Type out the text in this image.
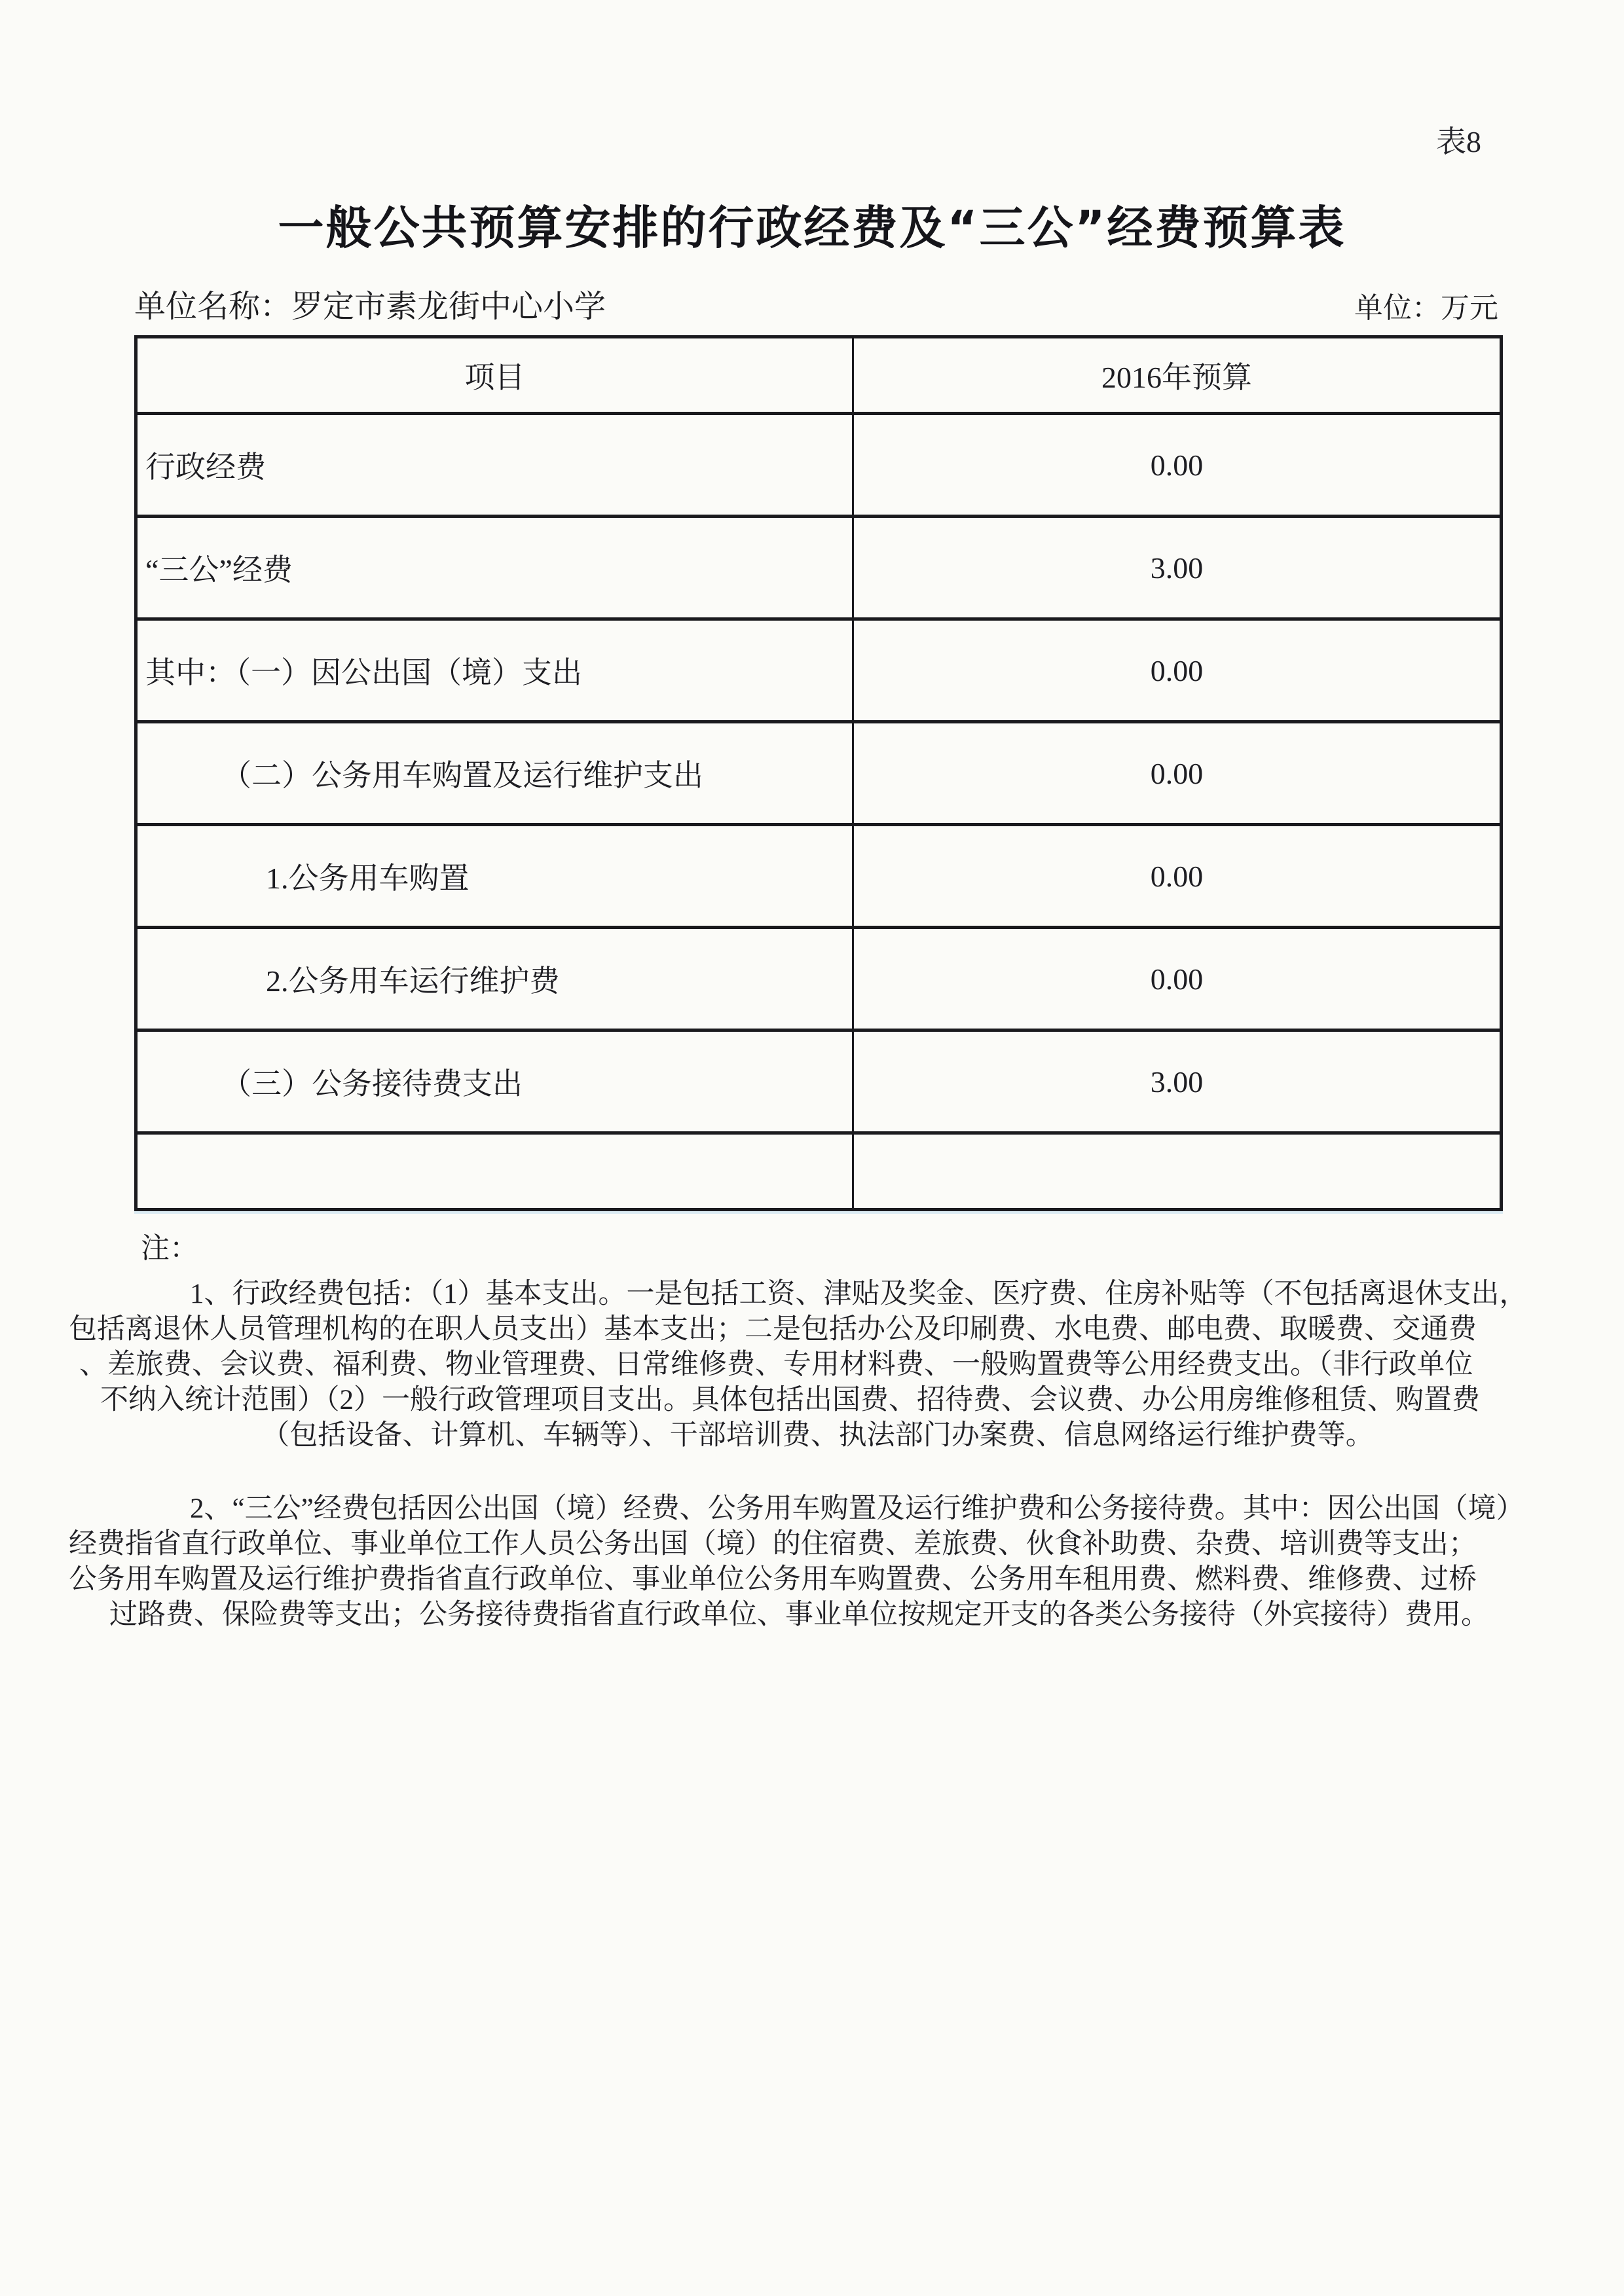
表8
一般公共预算安排的行政经费及“三公”经费预算表
单位名称：罗定市素龙街中心小学	单位：万元
项目	2016年预算
行政经费	0.00
“三公”经费	3.00
其中：（一）因公出国（境）支出	0.00
（二）公务用车购置及运行维护支出	0.00
1.公务用车购置	0.00
2.公务用车运行维护费	0.00
（三）公务接待费支出	3.00

注：
1、行政经费包括：（1）基本支出。一是包括工资、津贴及奖金、医疗费、住房补贴等（不包括离退休支出，
包括离退休人员管理机构的在职人员支出）基本支出；二是包括办公及印刷费、水电费、邮电费、取暖费、交通费
、差旅费、会议费、福利费、物业管理费、日常维修费、专用材料费、一般购置费等公用经费支出。（非行政单位
不纳入统计范围）（2）一般行政管理项目支出。具体包括出国费、招待费、会议费、办公用房维修租赁、购置费
（包括设备、计算机、车辆等）、干部培训费、执法部门办案费、信息网络运行维护费等。
2、“三公”经费包括因公出国（境）经费、公务用车购置及运行维护费和公务接待费。其中：因公出国（境）
经费指省直行政单位、事业单位工作人员公务出国（境）的住宿费、差旅费、伙食补助费、杂费、培训费等支出；
公务用车购置及运行维护费指省直行政单位、事业单位公务用车购置费、公务用车租用费、燃料费、维修费、过桥
过路费、保险费等支出；公务接待费指省直行政单位、事业单位按规定开支的各类公务接待（外宾接待）费用。
